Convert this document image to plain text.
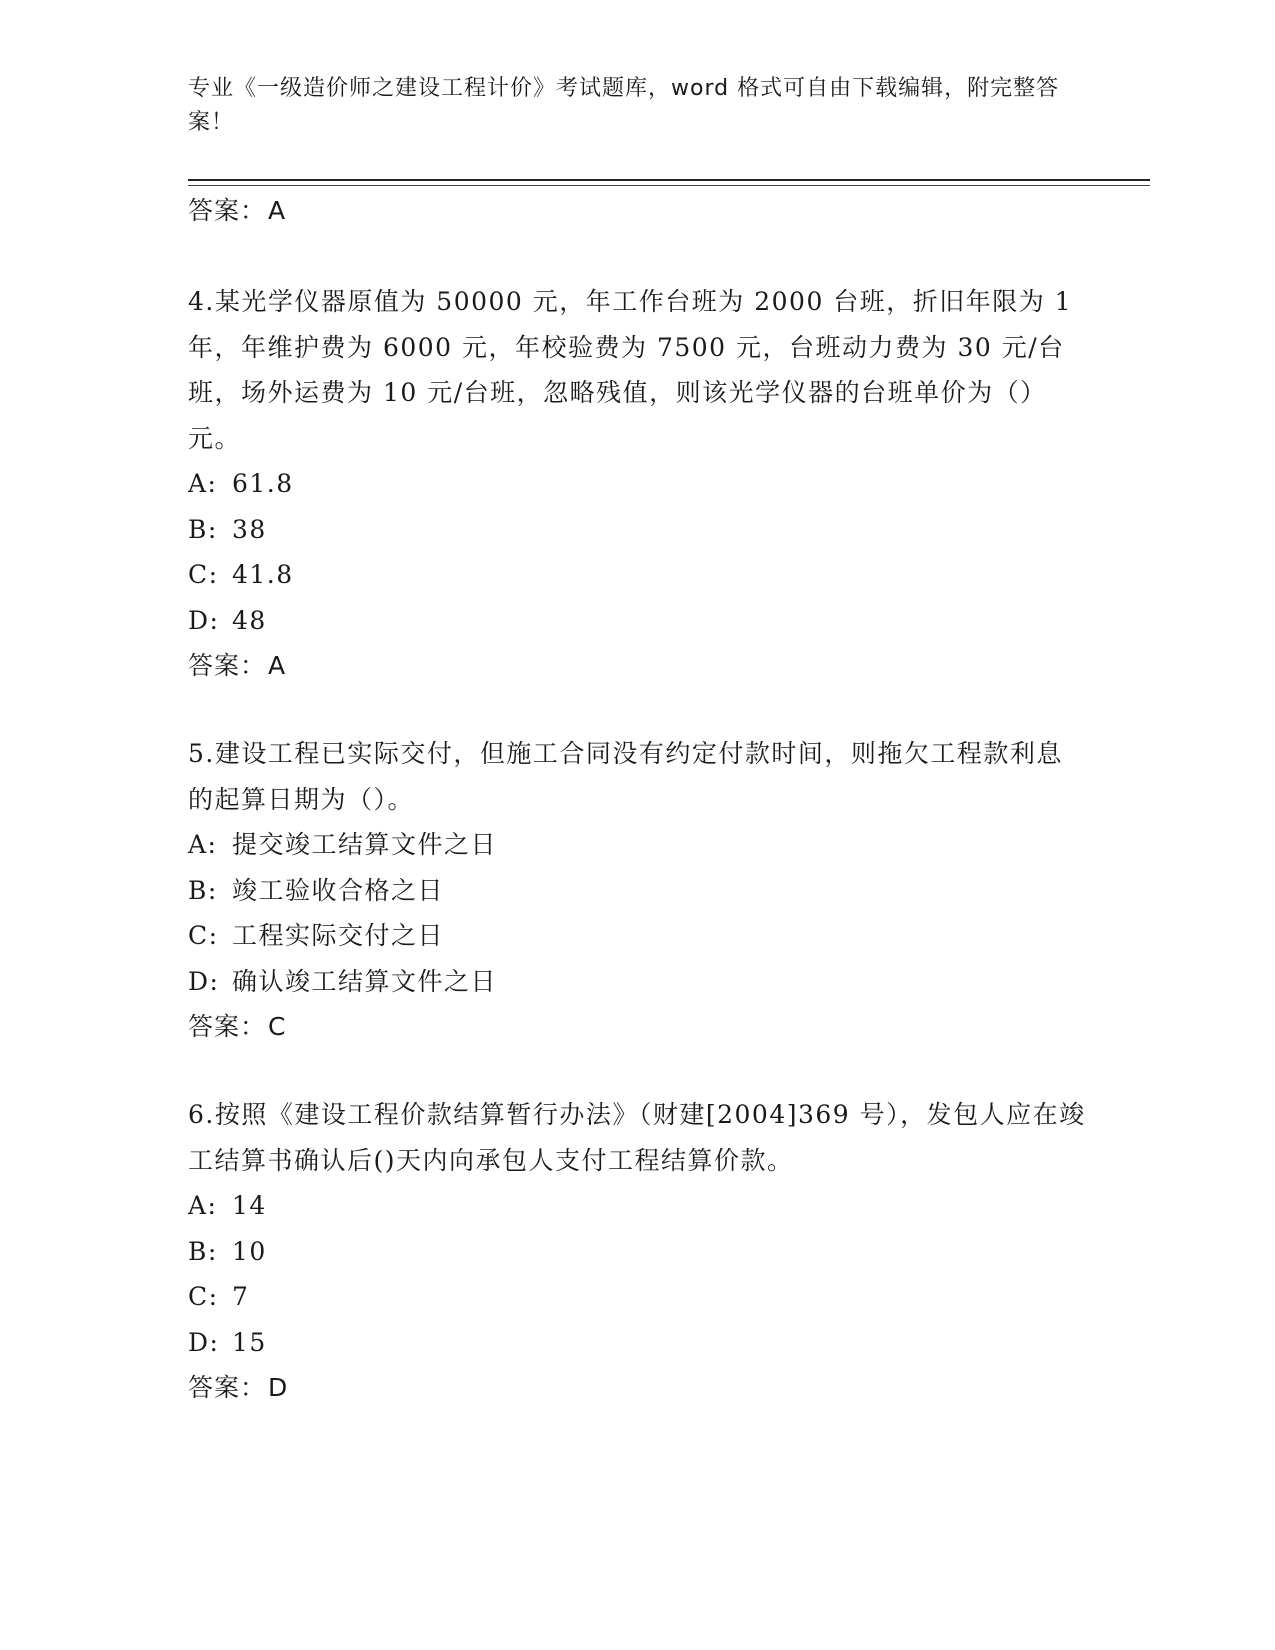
专业《一级造价师之建设工程计价》考试题库，word 格式可自由下载编辑，附完整答案！
答案：A
4.某光学仪器原值为 50000 元，年工作台班为 2000 台班，折旧年限为 1 年，年维护费为 6000 元，年校验费为 7500 元，台班动力费为 30 元/台班，场外运费为 10 元/台班，忽略残值，则该光学仪器的台班单价为（）元。
A: 61.8
B: 38
C: 41.8
D: 48
答案：A
5.建设工程已实际交付，但施工合同没有约定付款时间，则拖欠工程款利息的起算日期为（）。
A: 提交竣工结算文件之日
B: 竣工验收合格之日
C: 工程实际交付之日
D: 确认竣工结算文件之日
答案：C
6.按照《建设工程价款结算暂行办法》（财建[2004]369 号），发包人应在竣工结算书确认后()天内向承包人支付工程结算价款。
A: 14
B: 10
C: 7
D: 15
答案：D
